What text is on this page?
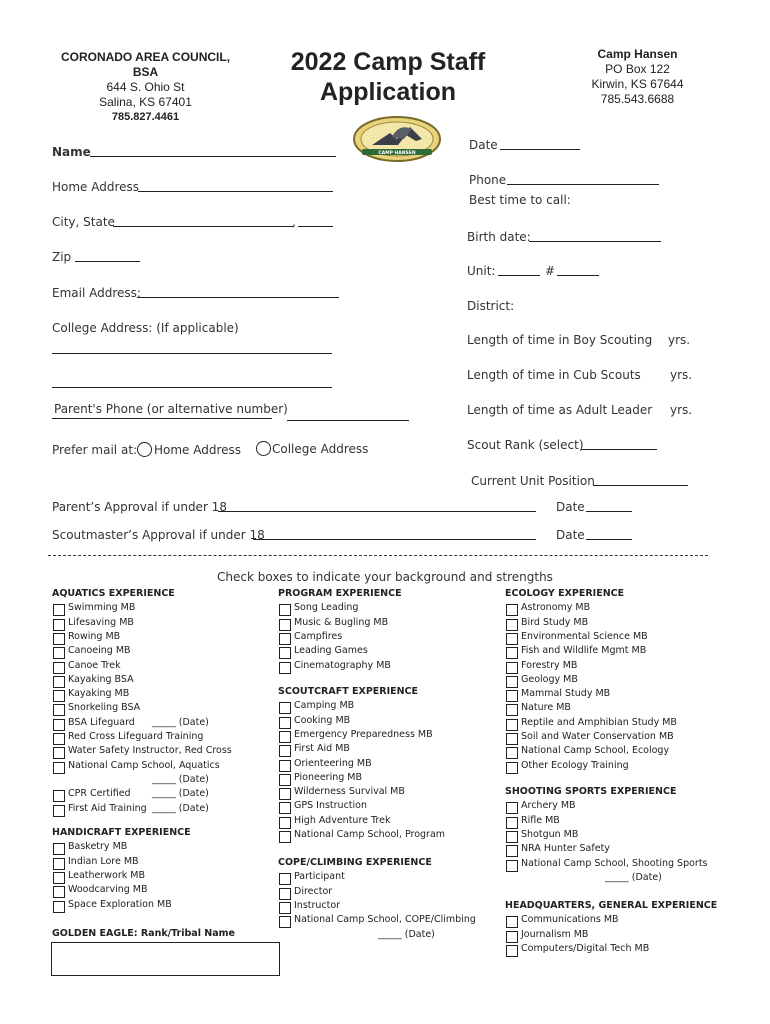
CORONADO AREA COUNCIL, BSA
644 S. Ohio St
Salina, KS 67401
785.827.4461
2022 Camp Staff
Application
Camp Hansen
PO Box 122
Kirwin, KS 67644
785.543.6688
CAMP HANSEN
Name
Home Address
City, State	,
Zip
Email Address:
College Address: (If applicable)
Parent's Phone (or alternative number)
Prefer mail at: Home Address	College Address
Date
Phone
Best time to call:
Birth date:
Unit:	#
District:
Length of time in Boy Scouting yrs.
Length of time in Cub Scouts yrs.
Length of time as Adult Leader yrs.
Scout Rank (select)
Current Unit Position
Parent’s Approval if under 18	Date
Scoutmaster’s Approval if under 18	Date
Check boxes to indicate your background and strengths
AQUATICS EXPERIENCE
Swimming MB
Lifesaving MB
Rowing MB
Canoeing MB
Canoe Trek
Kayaking BSA
Kayaking MB
Snorkeling BSA
BSA Lifeguard
Red Cross Lifeguard Training
Water Safety Instructor, Red Cross
National Camp School, Aquatics
_____ (Date)
_____ (Date)
CPR Certified _____ (Date)
First Aid Training _____ (Date)
HANDICRAFT EXPERIENCE
Basketry MB
Indian Lore MB
Leatherwork MB
Woodcarving MB
Space Exploration MB
GOLDEN EAGLE: Rank/Tribal Name
PROGRAM EXPERIENCE
Song Leading
Music & Bugling MB
Campfires
Leading Games
Cinematography MB
SCOUTCRAFT EXPERIENCE
Camping MB
Cooking MB
Emergency Preparedness MB
First Aid MB
Orienteering MB
Pioneering MB
Wilderness Survival MB
GPS Instruction
High Adventure Trek
National Camp School, Program
COPE/CLIMBING EXPERIENCE
Participant
Director
Instructor
National Camp School, COPE/Climbing
_____ (Date)
ECOLOGY EXPERIENCE
Astronomy MB
Bird Study MB
Environmental Science MB
Fish and Wildlife Mgmt MB
Forestry MB
Geology MB
Mammal Study MB
Nature MB
Reptile and Amphibian Study MB
Soil and Water Conservation MB
National Camp School, Ecology
Other Ecology Training
SHOOTING SPORTS EXPERIENCE
Archery MB
Rifle MB
Shotgun MB
NRA Hunter Safety
National Camp School, Shooting Sports
_____ (Date)
HEADQUARTERS, GENERAL EXPERIENCE
Communications MB
Journalism MB
Computers/Digital Tech MB
